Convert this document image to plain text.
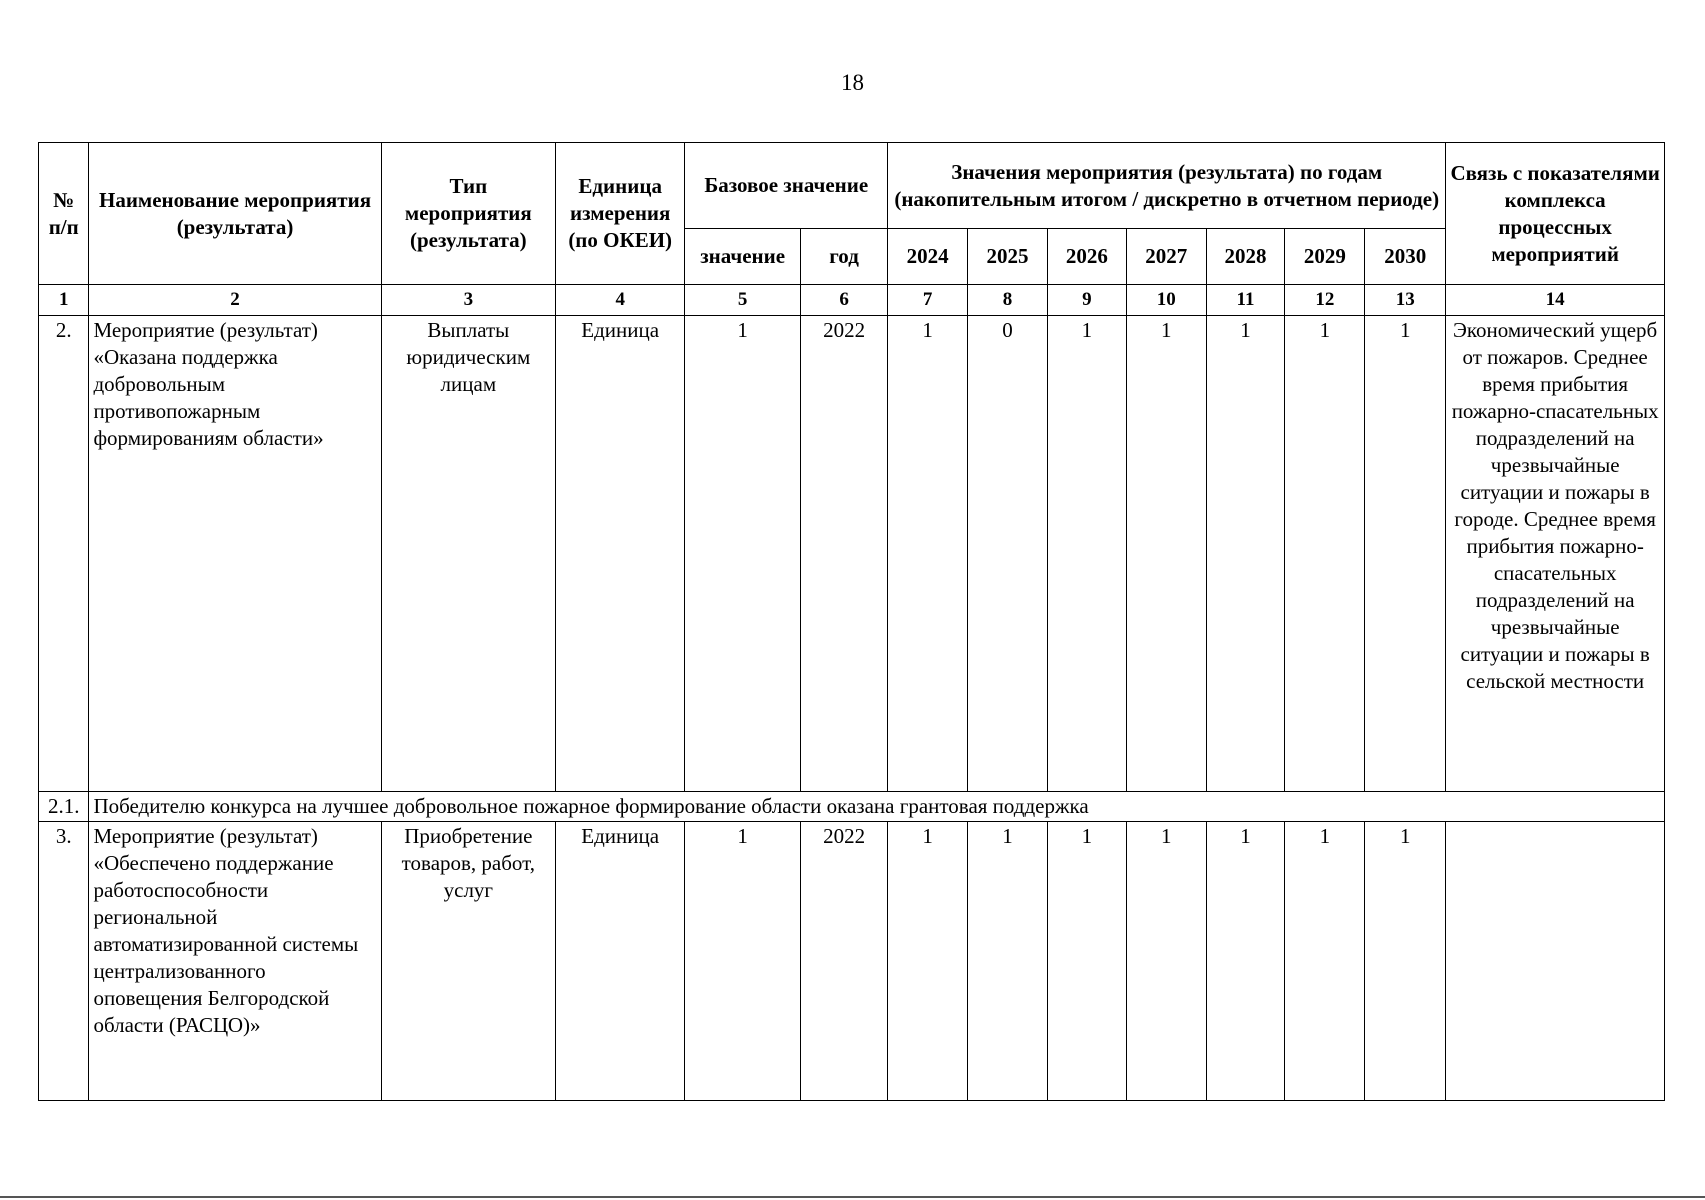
18
№ п/п	Наименование мероприятия (результата)	Тип мероприятия (результата)	Единица измерения (по ОКЕИ)	Базовое значение		Значения мероприятия (результата) по годам (накопительным итогом / дискретно в отчетном периоде)							Связь с показателями комплекса процессных мероприятий
				значение	год	2024	2025	2026	2027	2028	2029	2030	
1	2	3	4	5	6	7	8	9	10	11	12	13	14
2.	Мероприятие (результат) «Оказана поддержка добровольным противопожарным формированиям области»	Выплаты юридическим лицам	Единица	1	2022	1	0	1	1	1	1	1	Экономический ущерб от пожаров. Среднее время прибытия пожарно-спасательных подразделений на чрезвычайные ситуации и пожары в городе. Среднее время прибытия пожарно-спасательных подразделений на чрезвычайные ситуации и пожары в сельской местности
2.1.	Победителю конкурса на лучшее добровольное пожарное формирование области оказана грантовая поддержка												
3.	Мероприятие (результат) «Обеспечено поддержание работоспособности региональной автоматизированной системы централизованного оповещения Белгородской области (РАСЦО)»	Приобретение товаров, работ, услуг	Единица	1	2022	1	1	1	1	1	1	1	
